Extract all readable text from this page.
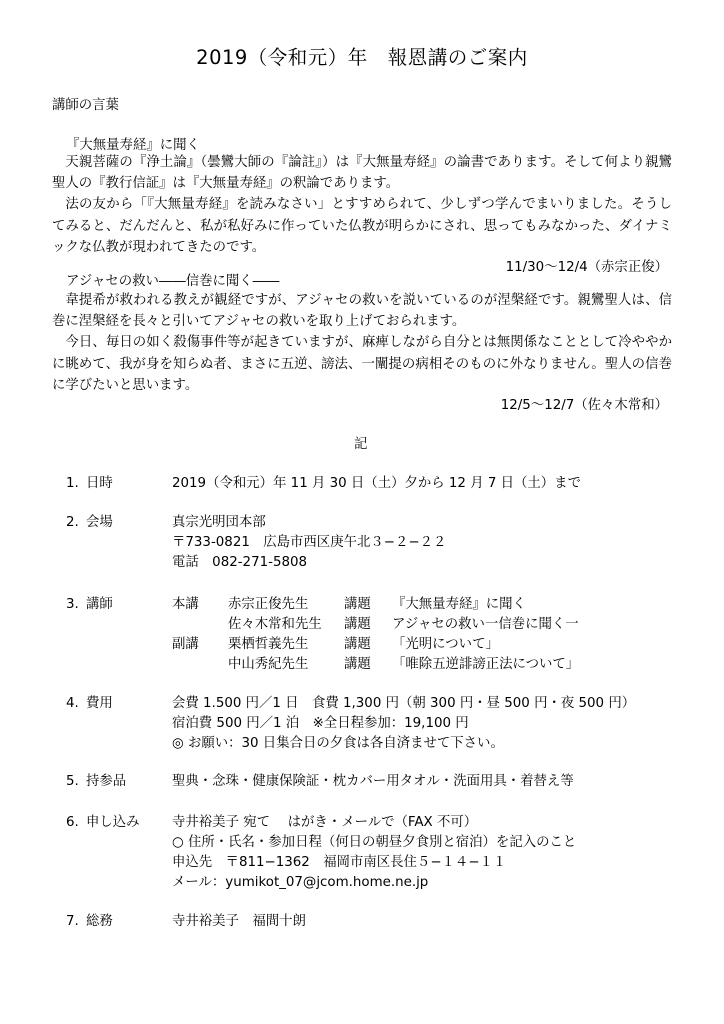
2019（令和元）年　報恩講のご案内
講師の言葉
『大無量寿経』に聞く

天親菩薩の『浄土論』（曇鸞大師の『論註』）は『大無量寿経』の論書であります。そして何より親鸞聖人の『教行信証』は『大無量寿経』の釈論であります。

法の友から「『大無量寿経』を読みなさい」とすすめられて、少しずつ学んでまいりました。そうしてみると、だんだんと、私が私好みに作っていた仏教が明らかにされ、思ってもみなかった、ダイナミックな仏教が現われてきたのです。

11/30〜12/4（赤宗正俊）
アジャセの救い――信巻に聞く――

韋提希が救われる教えが観経ですが、アジャセの救いを説いているのが涅槃経です。親鸞聖人は、信巻に涅槃経を長々と引いてアジャセの救いを取り上げておられます。

今日、毎日の如く殺傷事件等が起きていますが、麻痺しながら自分とは無関係なこととして冷ややかに眺めて、我が身を知らぬ者、まさに五逆、謗法、一闡提の病相そのものに外なりません。聖人の信巻に学びたいと思います。

12/5〜12/7（佐々木常和）
記
1. 日時	2019（令和元）年 11 月 30 日（土）夕から 12 月 7 日（土）まで
2. 会場	真宗光明団本部
〒733-0821　広島市西区庚午北３−２−２２
電話　082-271-5808
3. 講師	本講 赤宗正俊先生	講題 『大無量寿経』に聞く
佐々木常和先生 講題 アジャセの救い一信巻に聞く一
副講 栗栖哲義先生	講題 「光明について」
中山秀紀先生	講題 「唯除五逆誹謗正法について」
4. 費用	会費 1.500 円／1 日　食費 1,300 円（朝 300 円・昼 500 円・夜 500 円）
宿泊費 500 円／1 泊　※全日程参加：19,100 円
◎ お願い：30 日集合日の夕食は各自済ませて下さい。
5. 持参品	聖典・念珠・健康保険証・枕カバー用タオル・洗面用具・着替え等
6. 申し込み 寺井裕美子 宛て　 はがき・メールで（FAX 不可）
○ 住所・氏名・参加日程（何日の朝昼夕食別と宿泊）を記入のこと
申込先　〒811−1362　福岡市南区長住５−１４−１１
メール：yumikot_07@jcom.home.ne.jp
7. 総務	寺井裕美子　福間十朗
